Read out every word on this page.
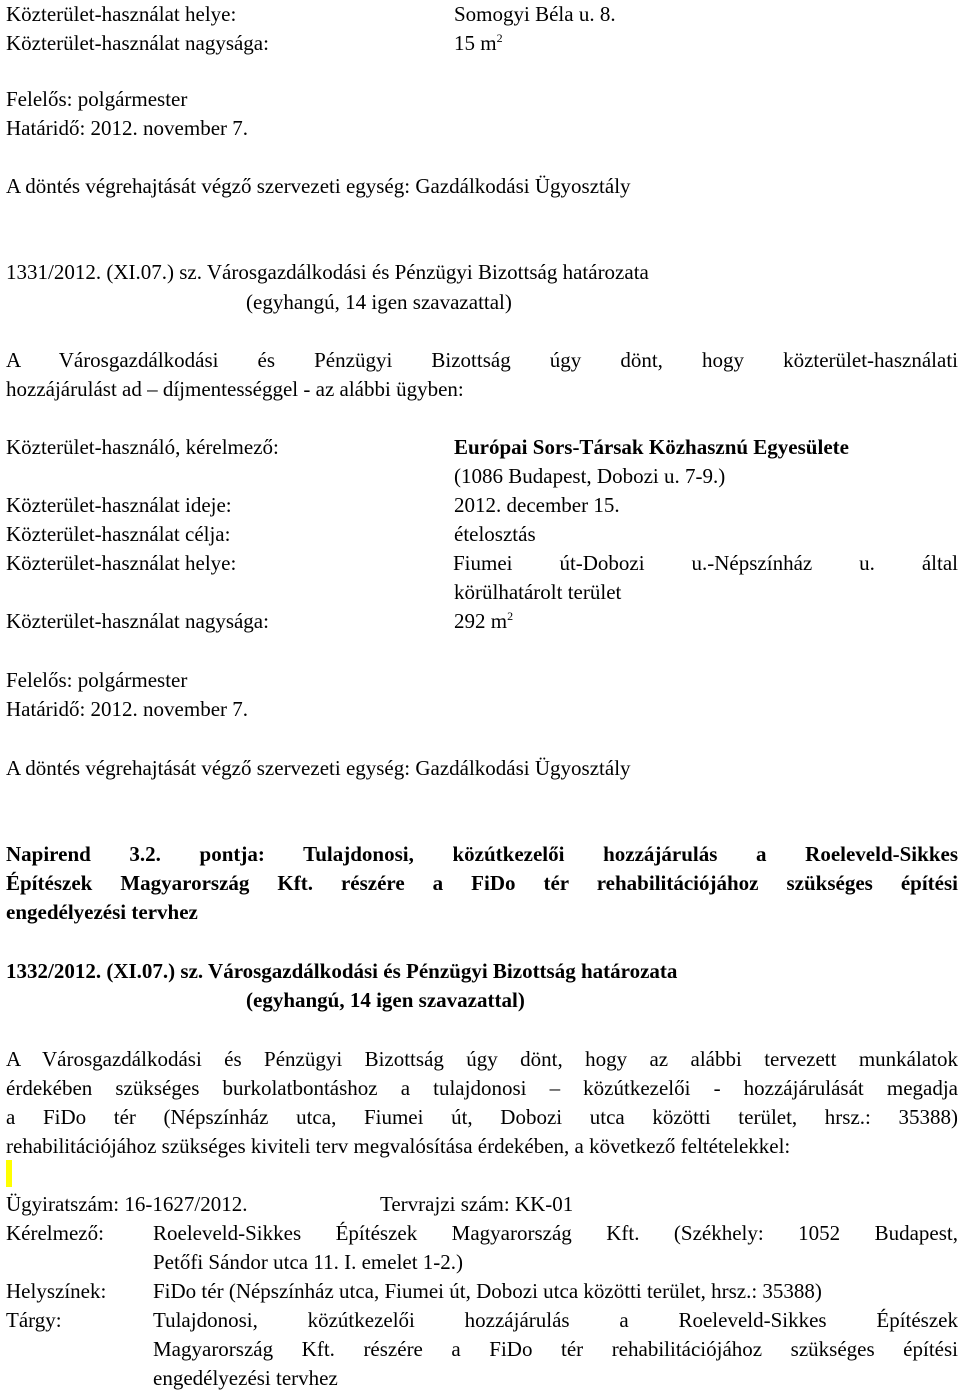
Közterület-használat helye:	Somogyi Béla u. 8.
Közterület-használat nagysága:	15 $m^2$
Felelős: polgármester
Határidő: 2012. november 7.
A döntés végrehajtását végző szervezeti egység: Gazdálkodási Ügyosztály
1331/2012. (XI.07.) sz. Városgazdálkodási és Pénzügyi Bizottság határozata
(egyhangú, 14 igen szavazattal)
A Városgazdálkodási és Pénzügyi Bizottság úgy dönt, hogy közterület-használati
hozzájárulást ad – díjmentességgel - az alábbi ügyben:
Közterület-használó, kérelmező:	Európai Sors-Társak Közhasznú Egyesülete
(1086 Budapest, Dobozi u. 7-9.)
Közterület-használat ideje:	2012. december 15.
Közterület-használat célja:	ételosztás
Közterület-használat helye:	Fiumei út-Dobozi u.-Népszínház u. által
körülhatárolt terület
Közterület-használat nagysága:	292 $m^2$
Felelős: polgármester
Határidő: 2012. november 7.
A döntés végrehajtását végző szervezeti egység: Gazdálkodási Ügyosztály
Napirend 3.2. pontja: Tulajdonosi, közútkezelői hozzájárulás a Roeleveld-Sikkes
Építészek Magyarország Kft. részére a FiDo tér rehabilitációjához szükséges építési
engedélyezési tervhez
1332/2012. (XI.07.) sz. Városgazdálkodási és Pénzügyi Bizottság határozata
(egyhangú, 14 igen szavazattal)
A Városgazdálkodási és Pénzügyi Bizottság úgy dönt, hogy az alábbi tervezett munkálatok
érdekében szükséges burkolatbontáshoz a tulajdonosi – közútkezelői - hozzájárulását megadja
a FiDo tér (Népszínház utca, Fiumei út, Dobozi utca közötti terület, hrsz.: 35388)
rehabilitációjához szükséges kiviteli terv megvalósítása érdekében, a következő feltételekkel:
Ügyiratszám: 16-1627/2012.	Tervrajzi szám: KK-01
Kérelmező: Roeleveld-Sikkes Építészek Magyarország Kft. (Székhely: 1052 Budapest,
Petőfi Sándor utca 11. I. emelet 1-2.)
Helyszínek: FiDo tér (Népszínház utca, Fiumei út, Dobozi utca közötti terület, hrsz.: 35388)
Tárgy:	Tulajdonosi, közútkezelői hozzájárulás a Roeleveld-Sikkes Építészek
Magyarország Kft. részére a FiDo tér rehabilitációjához szükséges építési
engedélyezési tervhez
